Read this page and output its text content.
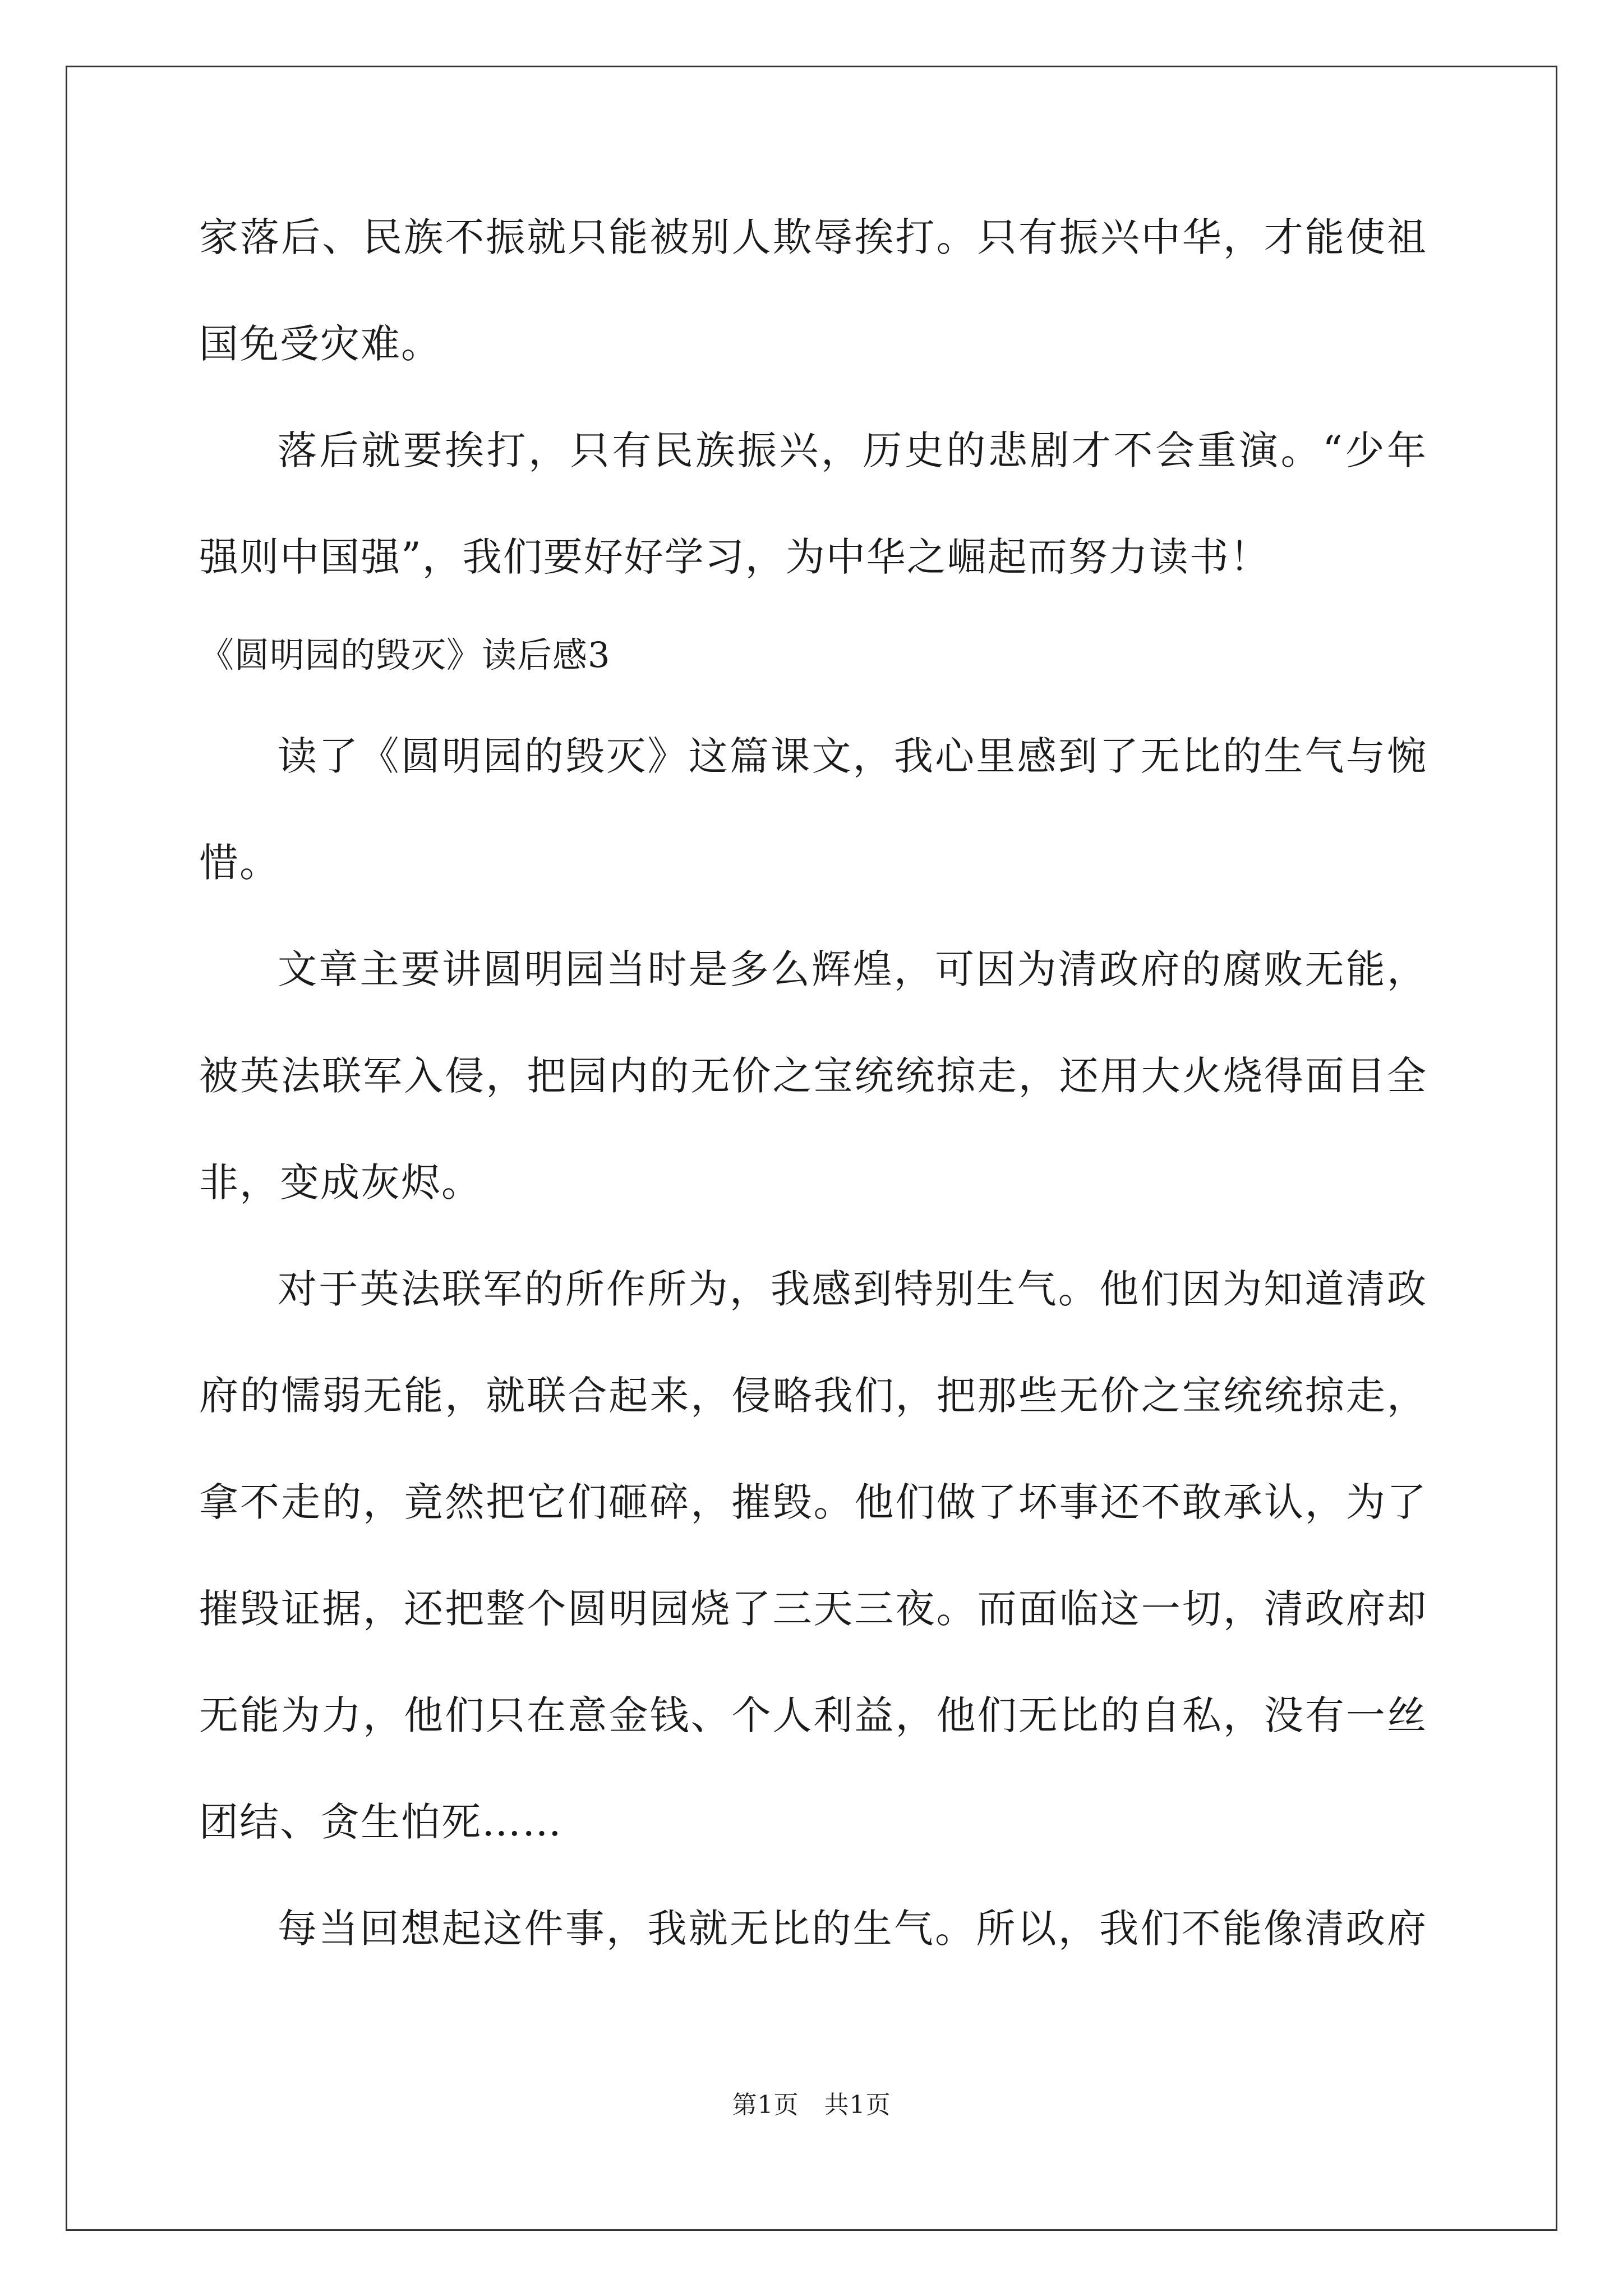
家落后、民族不振就只能被别人欺辱挨打。只有振兴中华，才能使祖
国免受灾难。
落后就要挨打，只有民族振兴，历史的悲剧才不会重演。“少年
强则中国强”，我们要好好学习，为中华之崛起而努力读书！
《圆明园的毁灭》读后感3
读了《圆明园的毁灭》这篇课文，我心里感到了无比的生气与惋
惜。
文章主要讲圆明园当时是多么辉煌，可因为清政府的腐败无能，
被英法联军入侵，把园内的无价之宝统统掠走，还用大火烧得面目全
非，变成灰烬。
对于英法联军的所作所为，我感到特别生气。他们因为知道清政
府的懦弱无能，就联合起来，侵略我们，把那些无价之宝统统掠走，
拿不走的，竟然把它们砸碎，摧毁。他们做了坏事还不敢承认，为了
摧毁证据，还把整个圆明园烧了三天三夜。而面临这一切，清政府却
无能为力，他们只在意金钱、个人利益，他们无比的自私，没有一丝
团结、贪生怕死……
每当回想起这件事，我就无比的生气。所以，我们不能像清政府
第1页　共1页
